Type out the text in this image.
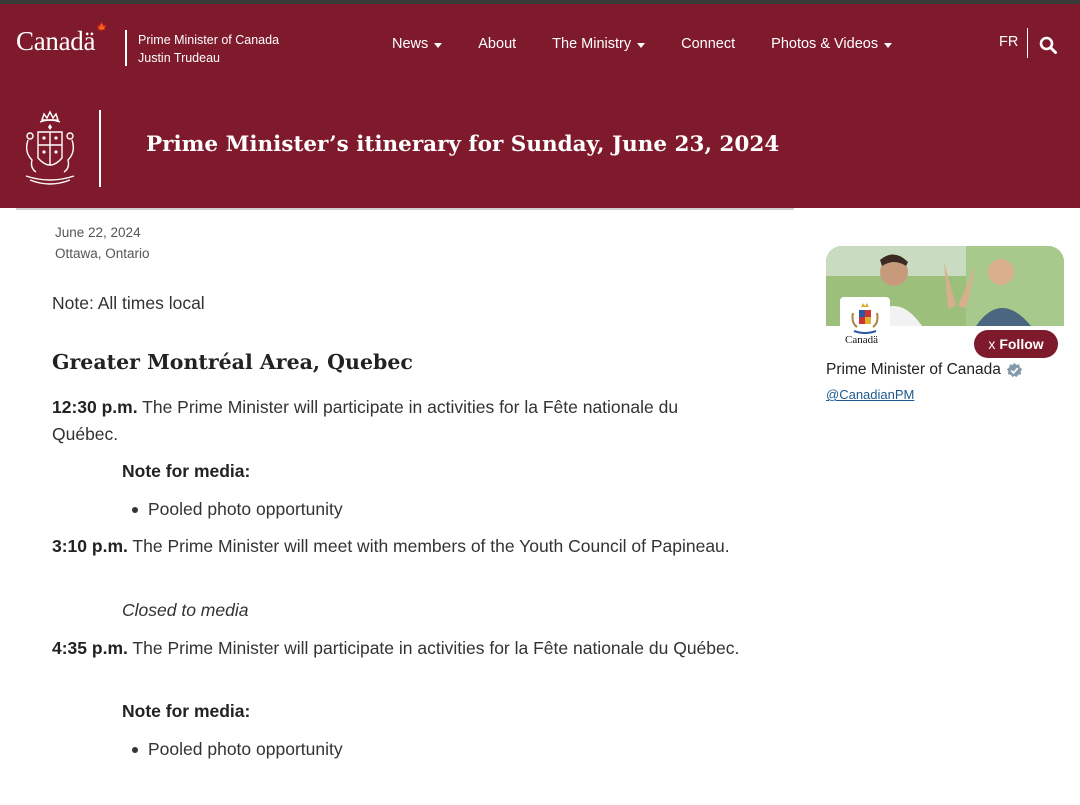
Canadä 🍁
Prime Minister of Canada
Justin Trudeau
News	About The Ministry	Connect Photos & Videos	FR
Prime Minister’s itinerary for Sunday, June 23, 2024
June 22, 2024
Ottawa, Ontario

Note: All times local

Greater Montréal Area, Quebec

12:30 p.m. The Prime Minister will participate in activities for la Fête nationale du Québec.

Note for media:
Pooled photo opportunity

3:10 p.m. The Prime Minister will meet with members of the Youth Council of Papineau.

Closed to media

4:35 p.m. The Prime Minister will participate in activities for la Fête nationale du Québec.

Note for media:
Pooled photo opportunity
Canadä	x Follow
Prime Minister of Canada
@CanadianPM
